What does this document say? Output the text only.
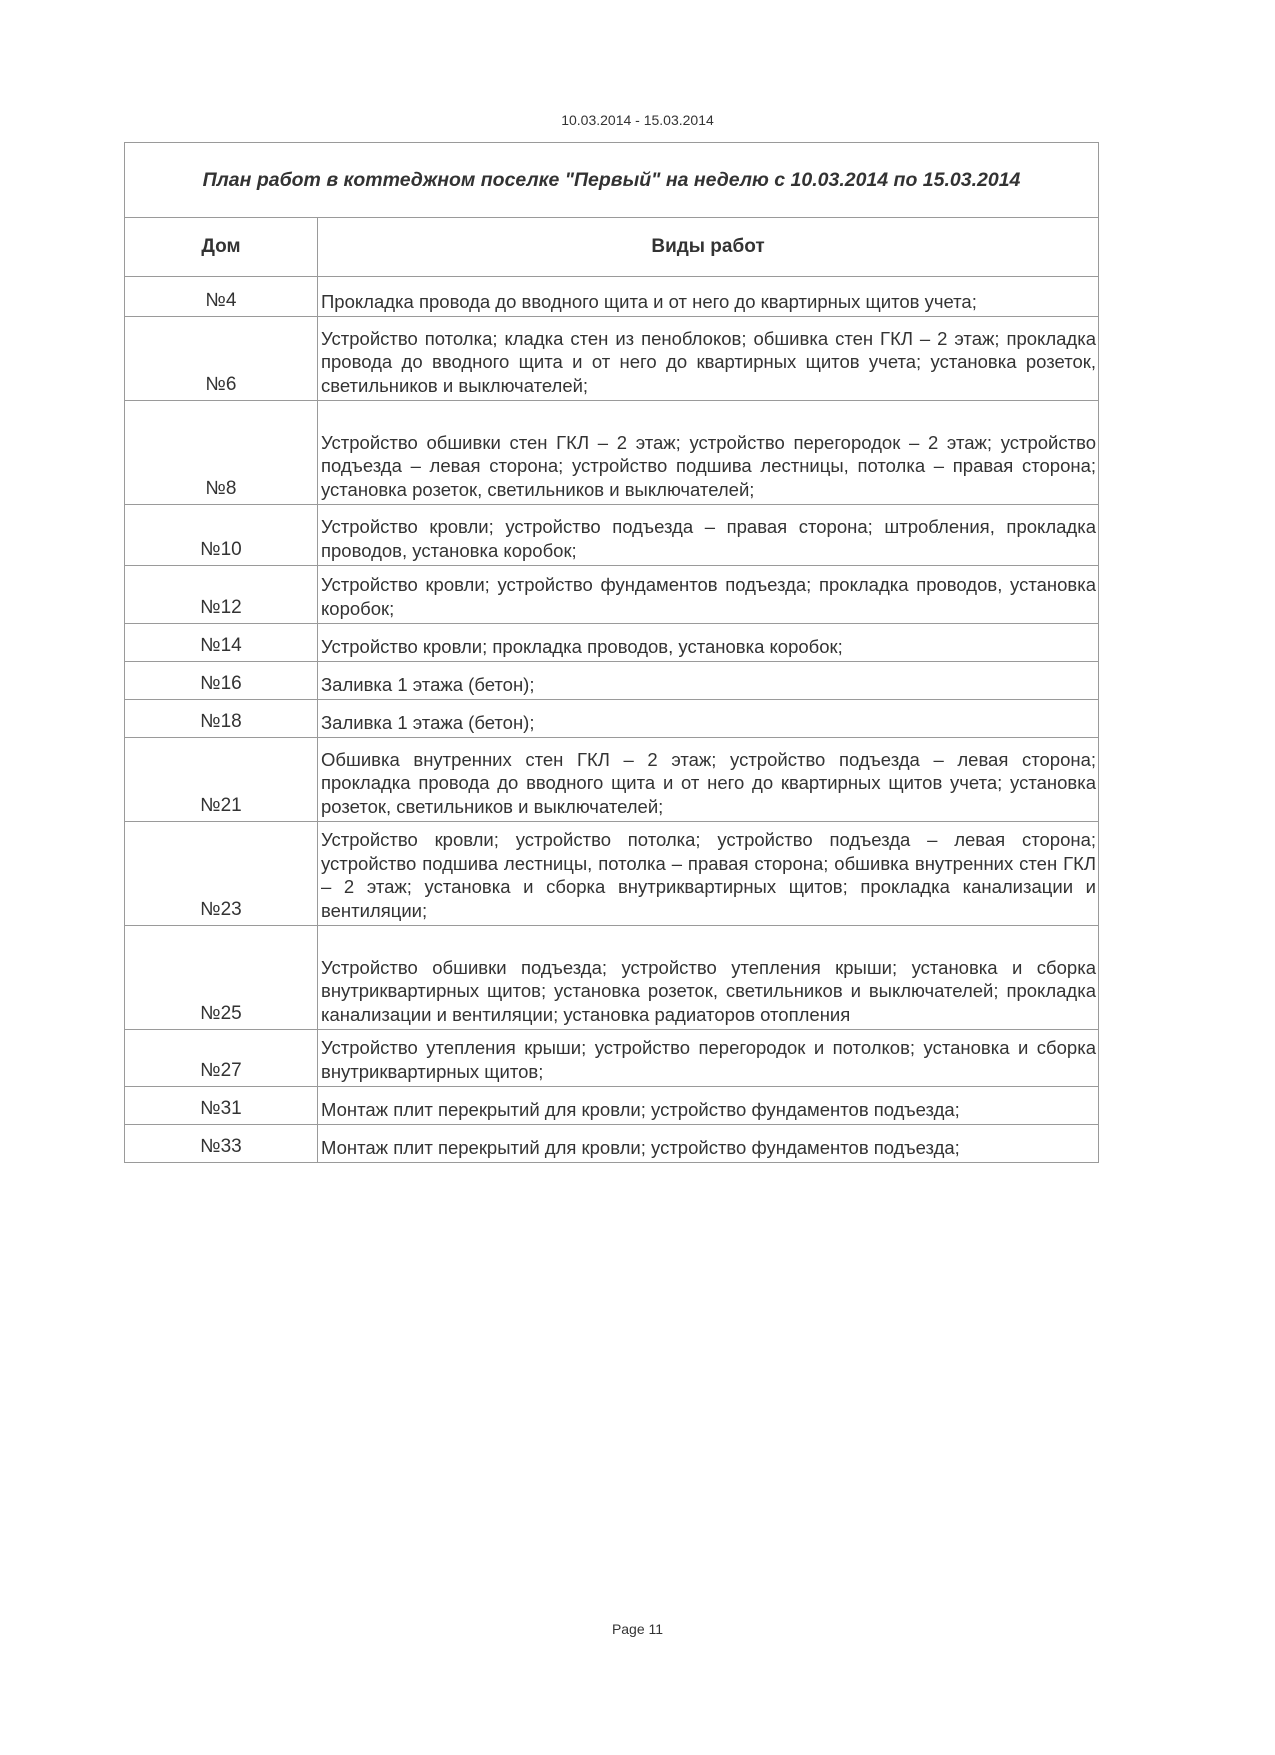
10.03.2014 - 15.03.2014
План работ в коттеджном поселке "Первый" на неделю с 10.03.2014 по 15.03.2014	
Дом	Виды работ
№4	Прокладка провода до вводного щита и от него до квартирных щитов учета;
№6	Устройство потолка; кладка стен из пеноблоков; обшивка стен ГКЛ – 2 этаж; прокладка провода до вводного щита и от него до квартирных щитов учета; установка розеток, светильников и выключателей;
№8	Устройство обшивки стен ГКЛ – 2 этаж; устройство перегородок – 2 этаж; устройство подъезда – левая сторона; устройство подшива лестницы, потолка – правая сторона; установка розеток, светильников и выключателей;
№10	Устройство кровли; устройство подъезда – правая сторона; штробления, прокладка проводов, установка коробок;
№12	Устройство кровли; устройство фундаментов подъезда; прокладка проводов, установка коробок;
№14	Устройство кровли; прокладка проводов, установка коробок;
№16	Заливка 1 этажа (бетон);
№18	Заливка 1 этажа (бетон);
№21	Обшивка внутренних стен ГКЛ – 2 этаж; устройство подъезда – левая сторона; прокладка провода до вводного щита и от него до квартирных щитов учета; установка розеток, светильников и выключателей;
№23	Устройство кровли; устройство потолка; устройство подъезда – левая сторона; устройство подшива лестницы, потолка – правая сторона; обшивка внутренних стен ГКЛ – 2 этаж; установка и сборка внутриквартирных щитов; прокладка канализации и вентиляции;
№25	Устройство обшивки подъезда; устройство утепления крыши; установка и сборка внутриквартирных щитов; установка розеток, светильников и выключателей; прокладка канализации и вентиляции; установка радиаторов отопления
№27	Устройство утепления крыши; устройство перегородок и потолков; установка и сборка внутриквартирных щитов;
№31	Монтаж плит перекрытий для кровли; устройство фундаментов подъезда;
№33	Монтаж плит перекрытий для кровли; устройство фундаментов подъезда;
Page 11
